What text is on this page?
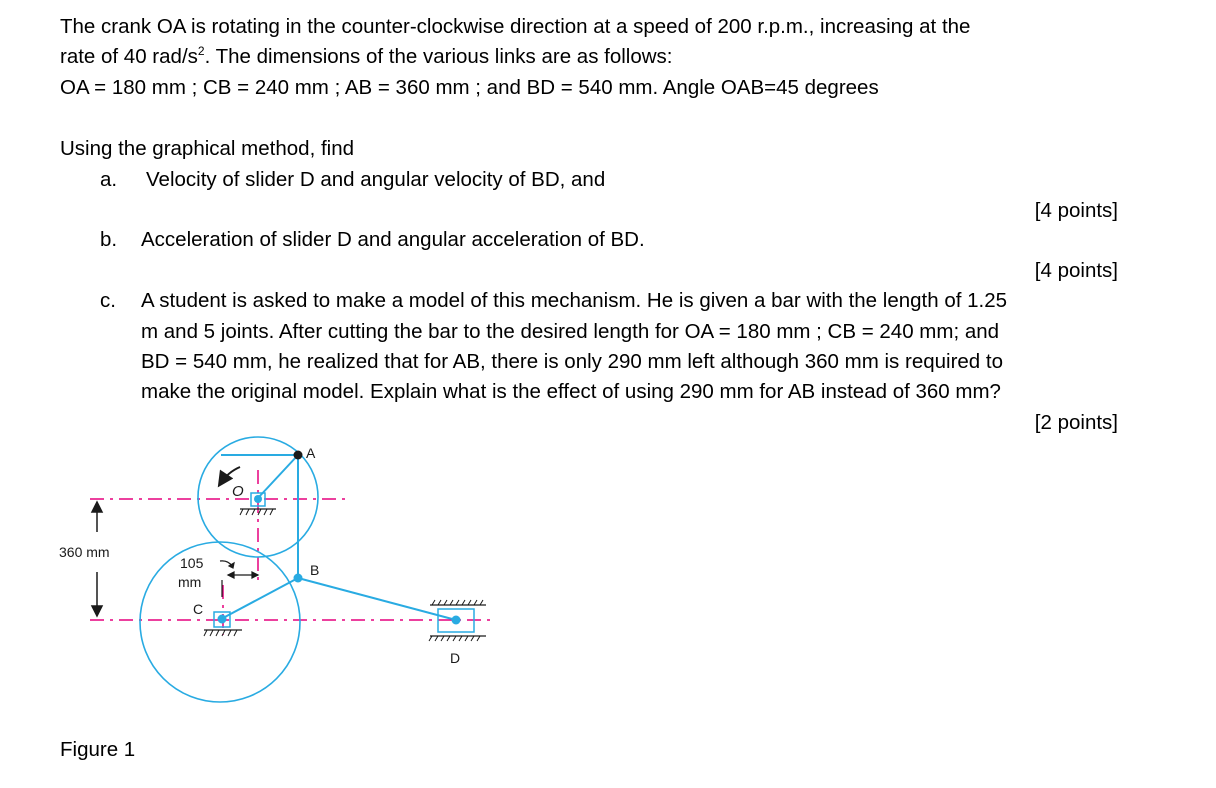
The crank OA is rotating in the counter-clockwise direction at a speed of 200 r.p.m., increasing at the
rate of 40 rad/$s^2$. The dimensions of the various links are as follows:
OA = 180 mm ; CB = 240 mm ; AB = 360 mm ; and BD = 540 mm. Angle OAB=45 degrees
Using the graphical method, find
a. Velocity of slider D and angular velocity of BD, and
[4 points]
b. Acceleration of slider D and angular acceleration of BD.
[4 points]
c. A student is asked to make a model of this mechanism. He is given a bar with the length of 1.25
m and 5 joints. After cutting the bar to the desired length for OA = 180 mm ; CB = 240 mm; and
BD = 540 mm, he realized that for AB, there is only 290 mm left although 360 mm is required to
make the original model. Explain what is the effect of using 290 mm for AB instead of 360 mm?
[2 points]
A
O
B
C
D
360 mm
105
mm
Figure 1
